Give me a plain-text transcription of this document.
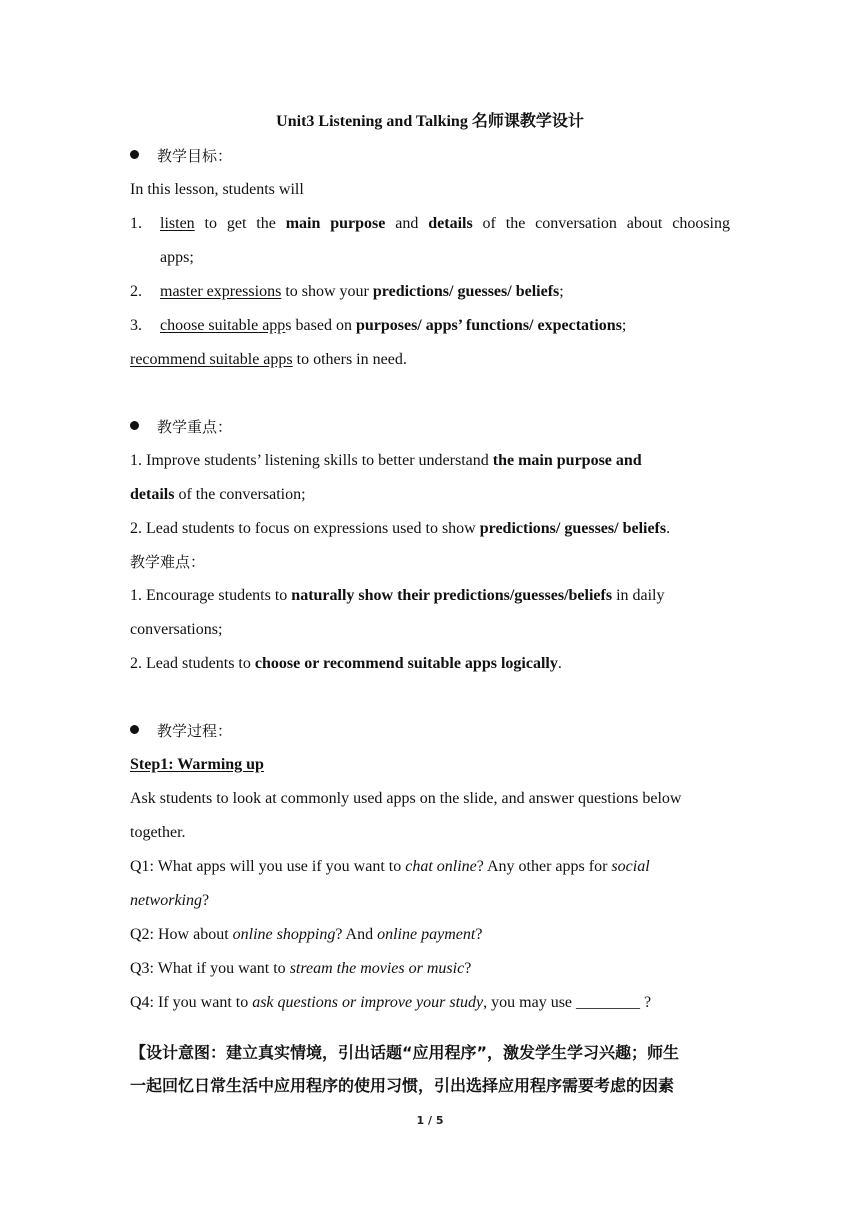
Unit3 Listening and Talking 名师课教学设计
教学目标：
In this lesson, students will
1. listen to get the main purpose and details of the conversation about choosing
apps;
2. master expressions to show your predictions/ guesses/ beliefs;
3. choose suitable apps based on purposes/ apps’ functions/ expectations;
recommend suitable apps to others in need.
教学重点：
1. Improve students’ listening skills to better understand the main purpose and
details of the conversation;
2. Lead students to focus on expressions used to show predictions/ guesses/ beliefs.
教学难点：
1. Encourage students to naturally show their predictions/guesses/beliefs in daily
conversations;
2. Lead students to choose or recommend suitable apps logically.
教学过程：
Step1: Warming up
Ask students to look at commonly used apps on the slide, and answer questions below
together.
Q1: What apps will you use if you want to chat online? Any other apps for social
networking?
Q2: How about online shopping? And online payment?
Q3: What if you want to stream the movies or music?
Q4: If you want to ask questions or improve your study, you may use ________ ?
【设计意图：建立真实情境，引出话题“应用程序”，激发学生学习兴趣；师生
一起回忆日常生活中应用程序的使用习惯，引出选择应用程序需要考虑的因素
1 / 5
